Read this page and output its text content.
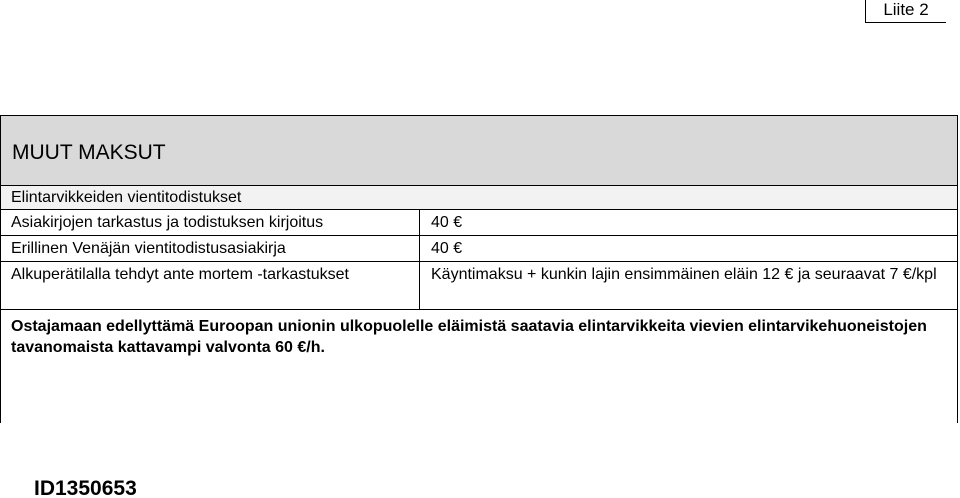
Liite 2
MUUT MAKSUT
Elintarvikkeiden vientitodistukset
Asiakirjojen tarkastus ja todistuksen kirjoitus	40 €
Erillinen Venäjän vientitodistusasiakirja	40 €
Alkuperätilalla tehdyt ante mortem -tarkastukset	Käyntimaksu + kunkin lajin ensimmäinen eläin 12 € ja seuraavat 7 €/kpl
Ostajamaan edellyttämä Euroopan unionin ulkopuolelle eläimistä saatavia elintarvikkeita vievien elintarvikehuoneistojen tavanomaista kattavampi valvonta 60 €/h.
ID1350653
